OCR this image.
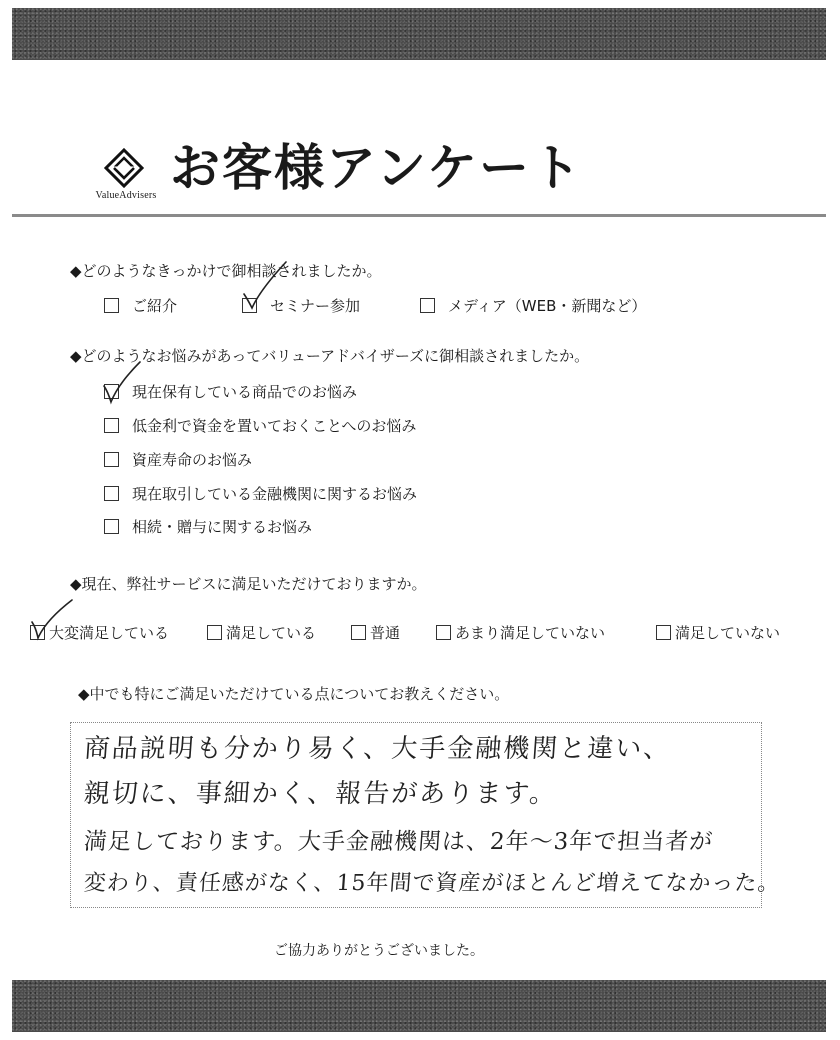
ValueAdvisers お客様アンケート
◆どのようなきっかけで御相談されましたか。
ご紹介	セミナー参加	メディア（WEB・新聞など）
◆どのようなお悩みがあってバリューアドバイザーズに御相談されましたか。
現在保有している商品でのお悩み
低金利で資金を置いておくことへのお悩み
資産寿命のお悩み
現在取引している金融機関に関するお悩み
相続・贈与に関するお悩み
◆現在、弊社サービスに満足いただけておりますか。
大変満足している	満足している	普通	あまり満足していない	満足していない
◆中でも特にご満足いただけている点についてお教えください。
商品説明も分かり易く、大手金融機関と違い、
親切に、事細かく、報告があります。
満足しております。大手金融機関は、2年～3年で担当者が
変わり、責任感がなく、15年間で資産がほとんど増えてなかった。
ご協力ありがとうございました。
